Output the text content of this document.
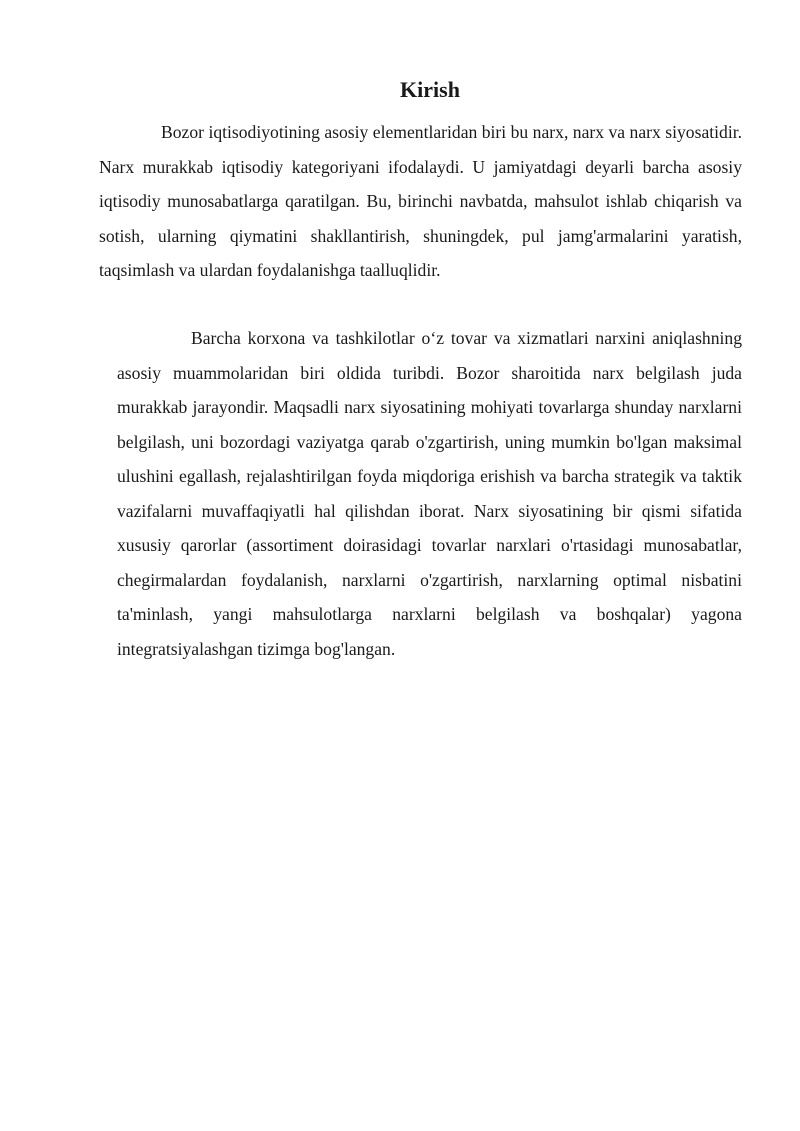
Kirish

Bozor iqtisodiyotining asosiy elementlaridan biri bu narx, narx va narx siyosatidir. Narx murakkab iqtisodiy kategoriyani ifodalaydi. U jamiyatdagi deyarli barcha asosiy iqtisodiy munosabatlarga qaratilgan. Bu, birinchi navbatda, mahsulot ishlab chiqarish va sotish, ularning qiymatini shakllantirish, shuningdek, pul jamg'armalarini yaratish, taqsimlash va ulardan foydalanishga taalluqlidir.

Barcha korxona va tashkilotlar o‘z tovar va xizmatlari narxini aniqlashning asosiy muammolaridan biri oldida turibdi. Bozor sharoitida narx belgilash juda murakkab jarayondir. Maqsadli narx siyosatining mohiyati tovarlarga shunday narxlarni belgilash, uni bozordagi vaziyatga qarab o'zgartirish, uning mumkin bo'lgan maksimal ulushini egallash, rejalashtirilgan foyda miqdoriga erishish va barcha strategik va taktik vazifalarni muvaffaqiyatli hal qilishdan iborat. Narx siyosatining bir qismi sifatida xususiy qarorlar (assortiment doirasidagi tovarlar narxlari o'rtasidagi munosabatlar, chegirmalardan foydalanish, narxlarni o'zgartirish, narxlarning optimal nisbatini ta'minlash, yangi mahsulotlarga narxlarni belgilash va boshqalar) yagona integratsiyalashgan tizimga bog'langan.
